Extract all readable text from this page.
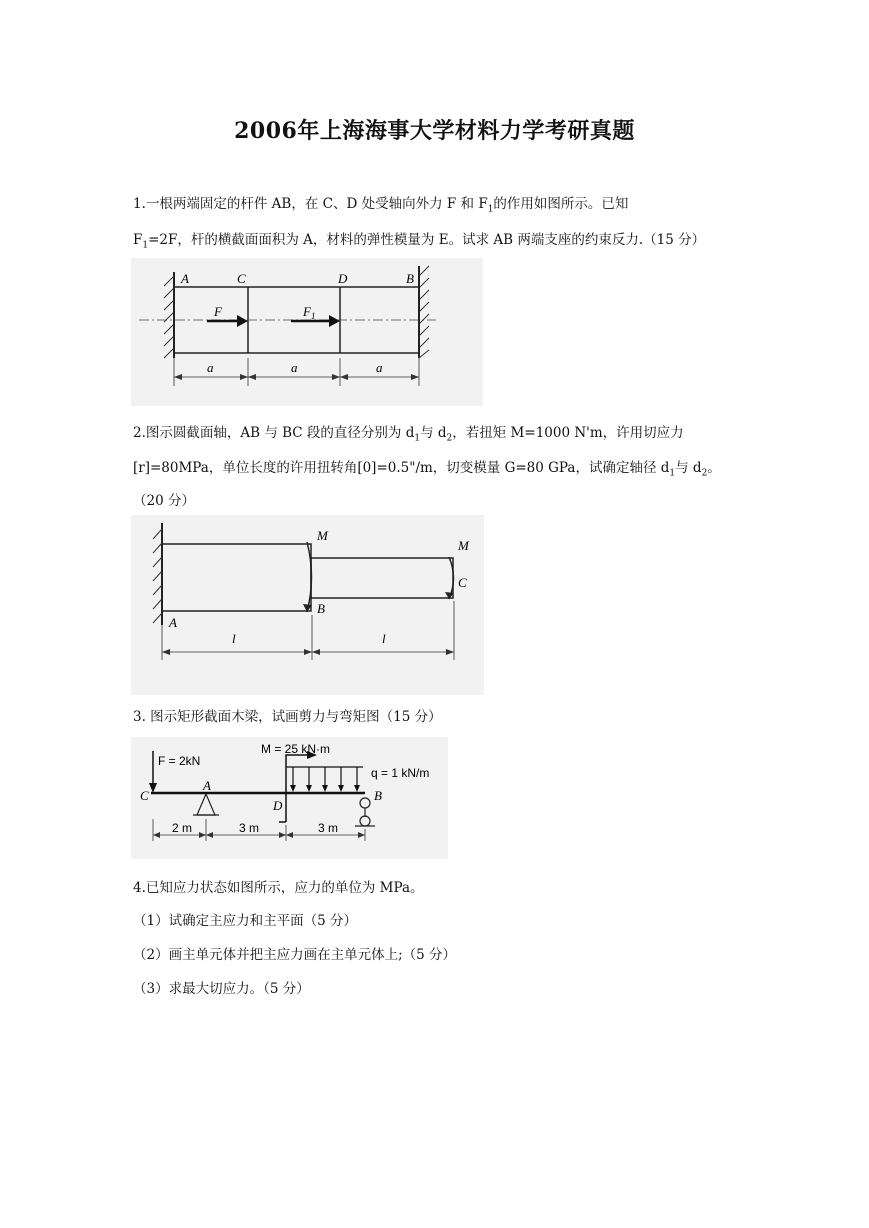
2006年上海海事大学材料力学考研真题
1.一根两端固定的杆件 AB，在 C、D 处受轴向外力 F 和 $F_1$的作用如图所示。已知
$F_1=2F$，杆的横截面面积为 A，材料的弹性模量为 E。试求 AB 两端支座的约束反力.（15 分）
A	C	D	B
F	$F_1$
a	a	a
2.图示圆截面轴，AB 与 BC 段的直径分别为 $d_1$与 $d_2$，若扭矩 M=1000 N'm，许用切应力
[r]=80MPa，单位长度的许用扭转角[0]=0.5"/m，切变模量 G=80 GPa，试确定轴径 $d_1$与 $d_2$。
（20 分）
M
M
A
B
C
l	l
3. 图示矩形截面木梁，试画剪力与弯矩图（15 分）
F = 2kN
M = 25 kN·m
q = 1 kN/m
C
A
D
B
2 m	3 m	3 m
4.已知应力状态如图所示，应力的单位为 MPa。
（1）试确定主应力和主平面（5 分）
（2）画主单元体并把主应力画在主单元体上;（5 分）
（3）求最大切应力。（5 分）
